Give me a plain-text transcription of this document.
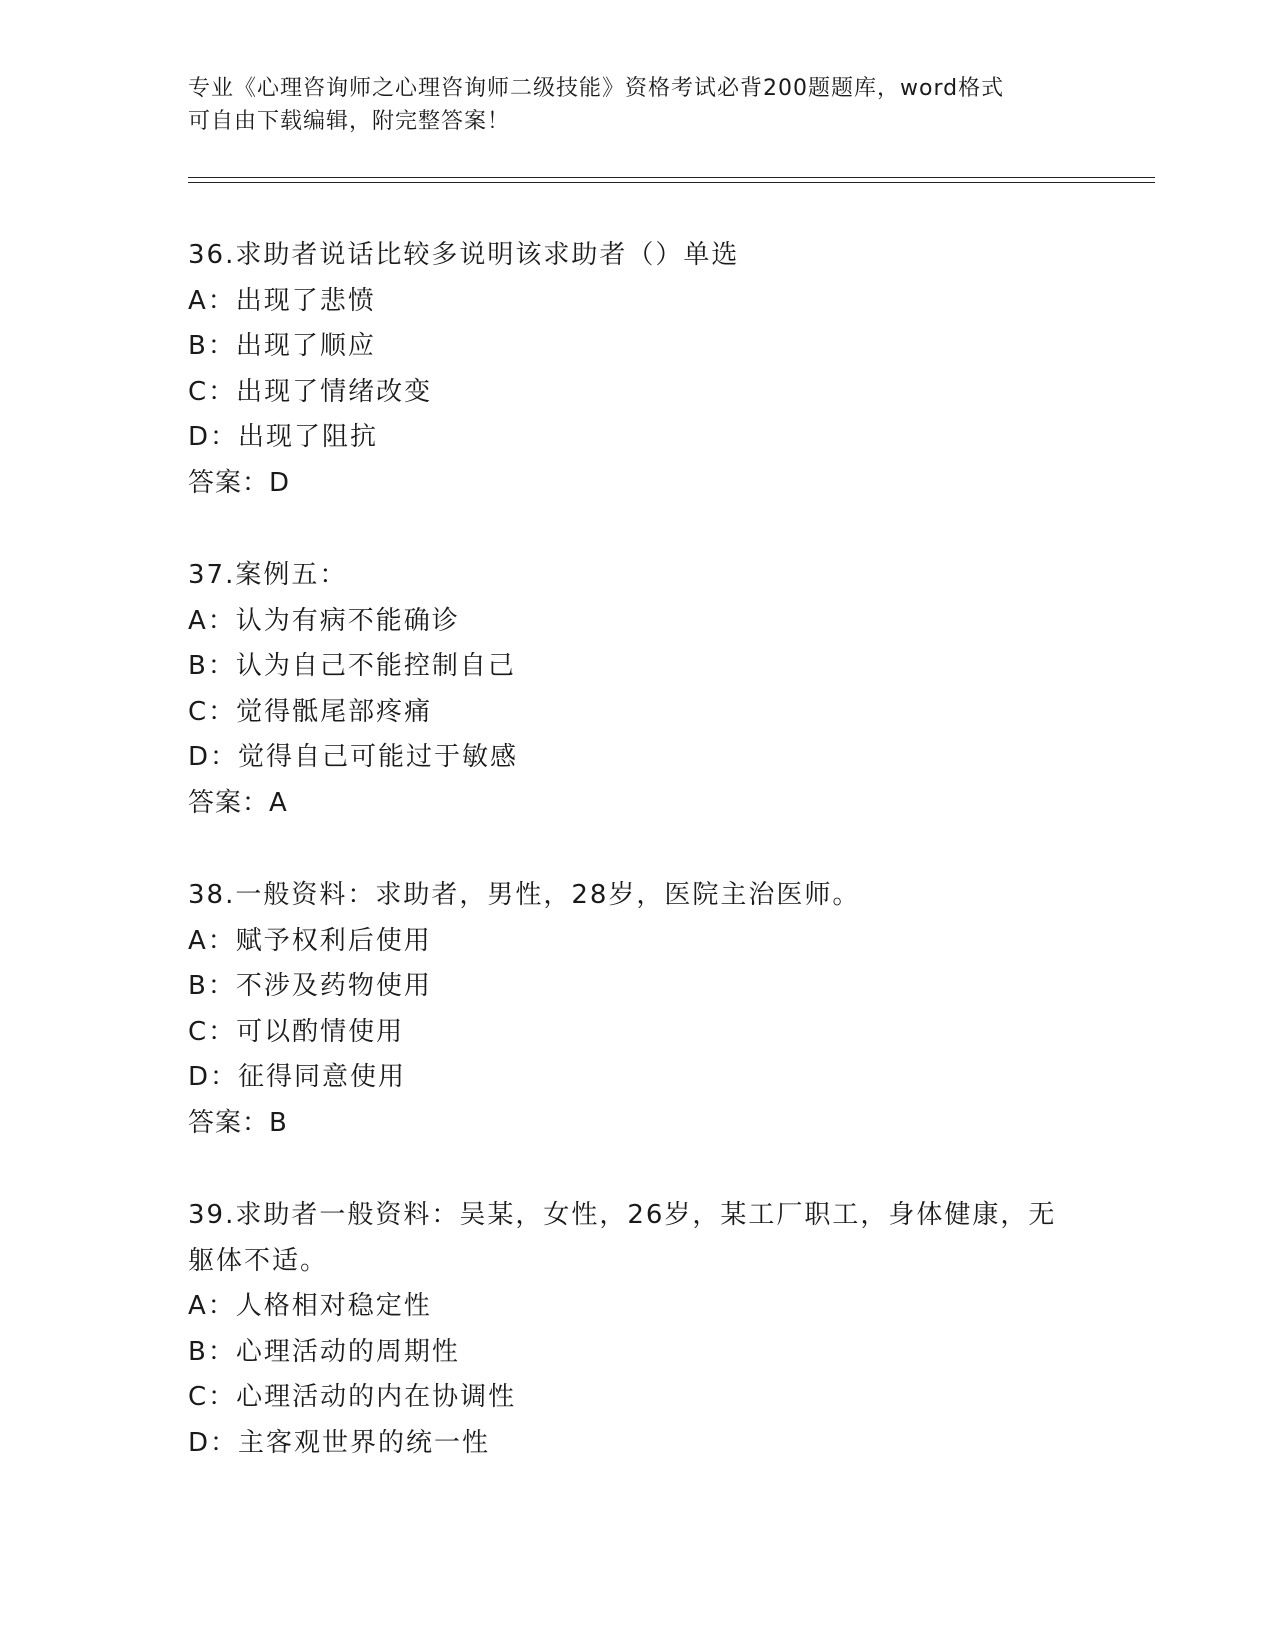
专业《心理咨询师之心理咨询师二级技能》资格考试必背200题题库，word格式
可自由下载编辑，附完整答案！
36.求助者说话比较多说明该求助者（）单选
A：出现了悲愤
B：出现了顺应
C：出现了情绪改变
D：出现了阻抗
答案：D
37.案例五：
A：认为有病不能确诊
B：认为自己不能控制自己
C：觉得骶尾部疼痛
D：觉得自己可能过于敏感
答案：A
38.一般资料：求助者，男性，28岁，医院主治医师。
A：赋予权利后使用
B：不涉及药物使用
C：可以酌情使用
D：征得同意使用
答案：B
39.求助者一般资料：吴某，女性，26岁，某工厂职工，身体健康，无
躯体不适。
A：人格相对稳定性
B：心理活动的周期性
C：心理活动的内在协调性
D：主客观世界的统一性
